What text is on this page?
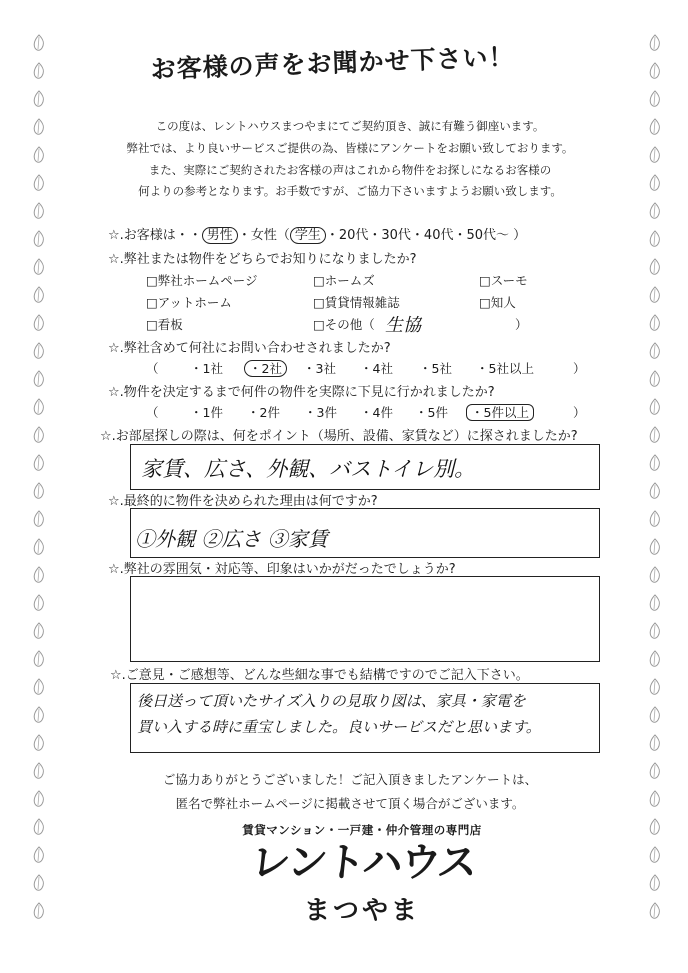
お客様の声をお聞かせ下さい！
この度は、レントハウスまつやまにてご契約頂き、誠に有難う御座います。
弊社では、より良いサービスご提供の為、皆様にアンケートをお願い致しております。
また、実際にご契約されたお客様の声はこれから物件をお探しになるお客様の
何よりの参考となります。お手数ですが、ご協力下さいますようお願い致します。
☆.お客様は・・ 男性 ・女性（ 学生 ・20代・30代・40代・50代～ ）
☆.弊社または物件をどちらでお知りになりましたか?
□弊社ホームページ	□ホームズ	□スーモ
□アットホーム	□賃貸情報雑誌	□知人
□看板	□その他（ 生協	）
☆.弊社含めて何社にお問い合わせされましたか?
（	・1社	・2社	・3社 ・4社 ・5社 ・5社以上	）
☆.物件を決定するまで何件の物件を実際に下見に行かれましたか?
（	・1件 ・2件 ・3件 ・4件 ・5件	・5件以上	）
☆.お部屋探しの際は、何をポイント（場所、設備、家賃など）に探されましたか?
家賃、広さ、外観、バストイレ別。
☆.最終的に物件を決められた理由は何ですか?
①外観 ②広さ ③家賃
☆.弊社の雰囲気・対応等、印象はいかがだったでしょうか?
☆.ご意見・ご感想等、どんな些細な事でも結構ですのでご記入下さい。
後日送って頂いたサイズ入りの見取り図は、家具・家電を
買い入する時に重宝しました。良いサービスだと思います。
ご協力ありがとうございました！ご記入頂きましたアンケートは、
匿名で弊社ホームページに掲載させて頂く場合がございます。
賃貸マンション・一戸建・仲介管理の専門店
レントハウス
まつやま
